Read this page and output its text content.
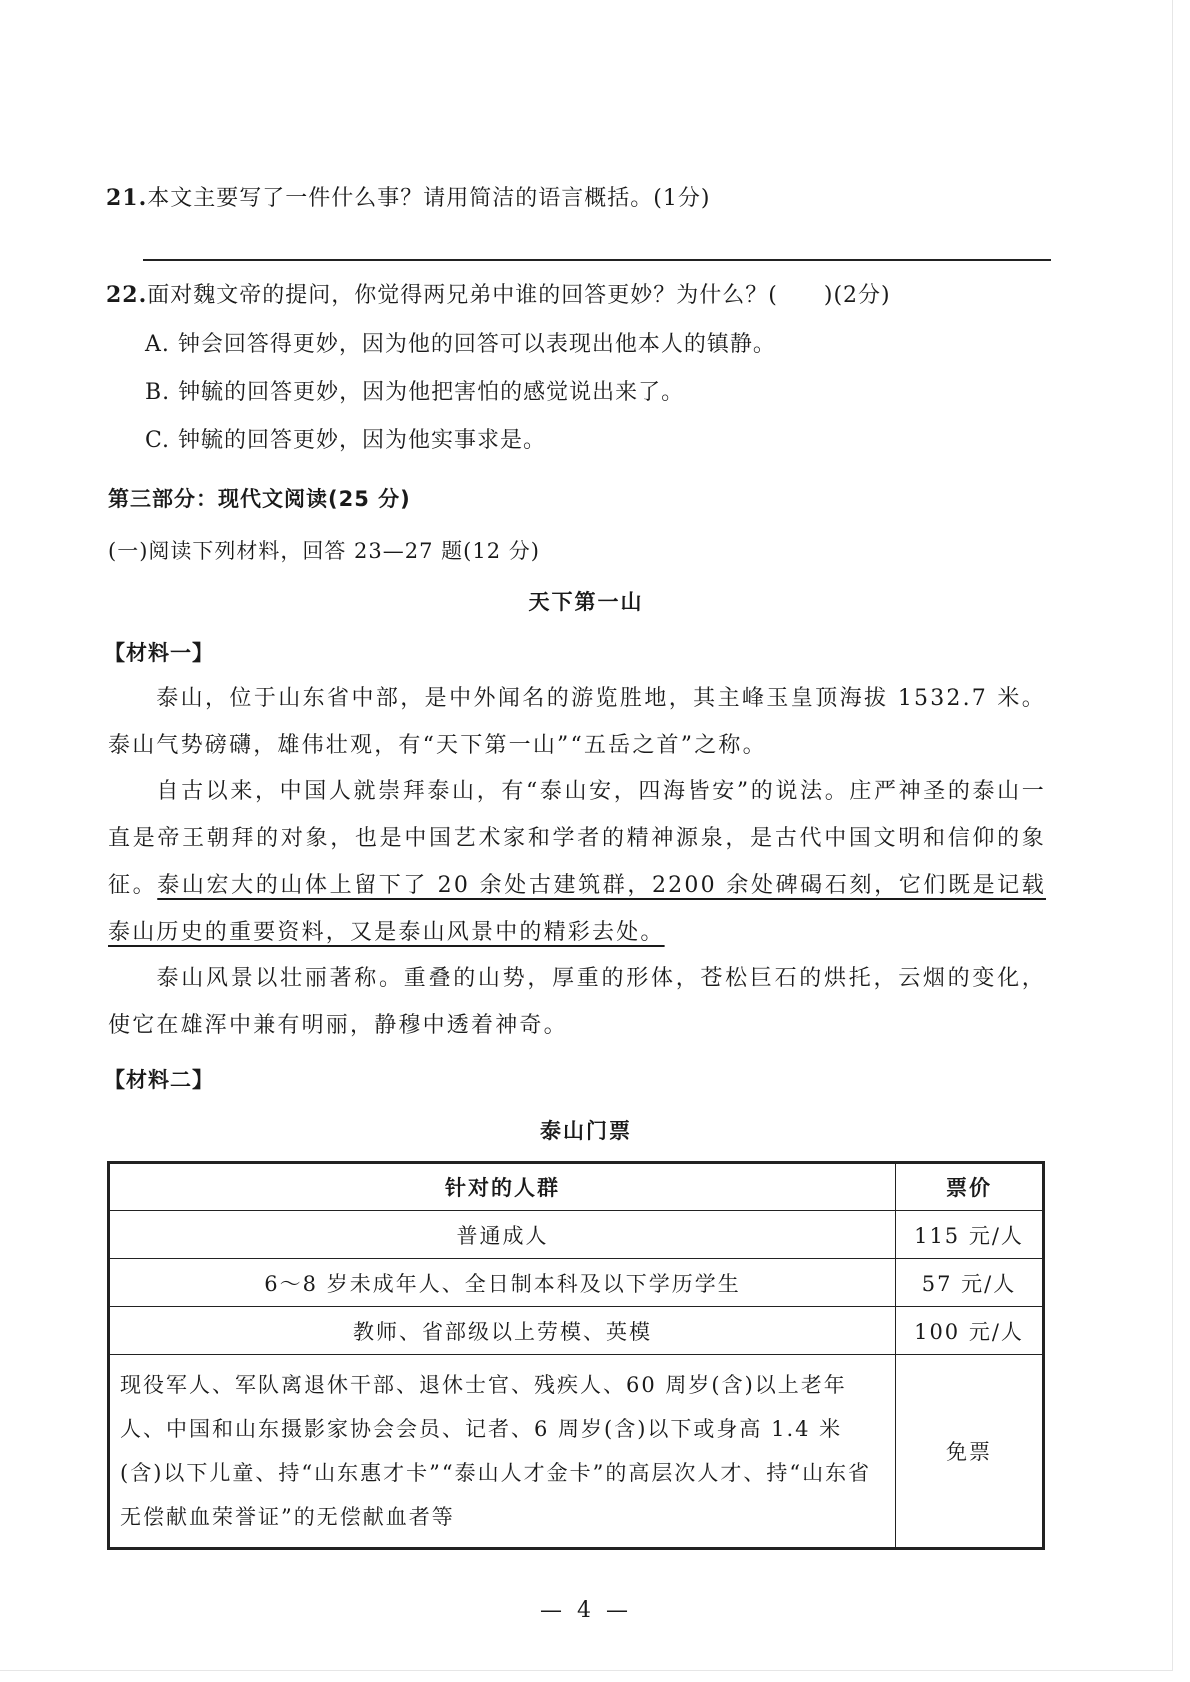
21.本文主要写了一件什么事？请用简洁的语言概括。(1分)
22.面对魏文帝的提问，你觉得两兄弟中谁的回答更妙？为什么？(　　)(2分)
A. 钟会回答得更妙，因为他的回答可以表现出他本人的镇静。
B. 钟毓的回答更妙，因为他把害怕的感觉说出来了。
C. 钟毓的回答更妙，因为他实事求是。
第三部分：现代文阅读(25 分)
(一)阅读下列材料，回答 23—27 题(12 分)
天下第一山
【材料一】
泰山，位于山东省中部，是中外闻名的游览胜地，其主峰玉皇顶海拔 1532.7 米。泰山气势磅礴，雄伟壮观，有“天下第一山”“五岳之首”之称。
自古以来，中国人就崇拜泰山，有“泰山安，四海皆安”的说法。庄严神圣的泰山一直是帝王朝拜的对象，也是中国艺术家和学者的精神源泉，是古代中国文明和信仰的象征。泰山宏大的山体上留下了 20 余处古建筑群，2200 余处碑碣石刻，它们既是记载泰山历史的重要资料，又是泰山风景中的精彩去处。
泰山风景以壮丽著称。重叠的山势，厚重的形体，苍松巨石的烘托，云烟的变化，使它在雄浑中兼有明丽，静穆中透着神奇。
【材料二】
泰山门票
针对的人群	票价
普通成人	115 元/人
6～8 岁未成年人、全日制本科及以下学历学生	57 元/人
教师、省部级以上劳模、英模	100 元/人
现役军人、军队离退休干部、退休士官、残疾人、60 周岁(含)以上老年人、中国和山东摄影家协会会员、记者、6 周岁(含)以下或身高 1.4 米(含)以下儿童、持“山东惠才卡”“泰山人才金卡”的高层次人才、持“山东省无偿献血荣誉证”的无偿献血者等	免票
— 4 —
